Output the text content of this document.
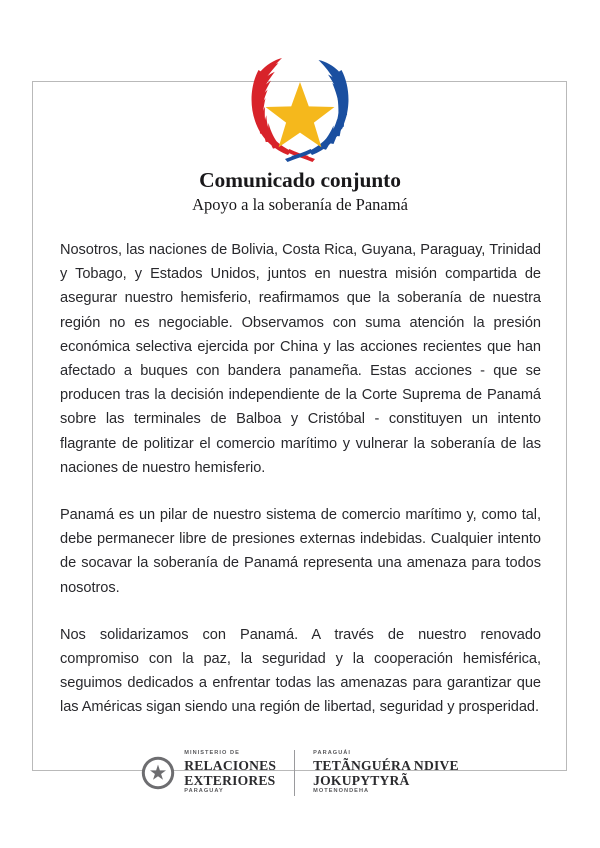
Comunicado conjunto
Apoyo a la soberanía de Panamá

Nosotros, las naciones de Bolivia, Costa Rica, Guyana, Paraguay, Trinidad y Tobago, y Estados Unidos, juntos en nuestra misión compartida de asegurar nuestro hemisferio, reafirmamos que la soberanía de nuestra región no es negociable. Observamos con suma atención la presión económica selectiva ejercida por China y las acciones recientes que han afectado a buques con bandera panameña. Estas acciones - que se producen tras la decisión independiente de la Corte Suprema de Panamá sobre las terminales de Balboa y Cristóbal - constituyen un intento flagrante de politizar el comercio marítimo y vulnerar la soberanía de las naciones de nuestro hemisferio.

Panamá es un pilar de nuestro sistema de comercio marítimo y, como tal, debe permanecer libre de presiones externas indebidas. Cualquier intento de socavar la soberanía de Panamá representa una amenaza para todos nosotros.

Nos solidarizamos con Panamá. A través de nuestro renovado compromiso con la paz, la seguridad y la cooperación hemisférica, seguimos dedicados a enfrentar todas las amenazas para garantizar que las Américas sigan siendo una región de libertad, seguridad y prosperidad.

MINISTERIO DE
RELACIONES
EXTERIORES
PARAGUAY
PARAGUÁI
TETÃNGUÉRA NDIVE
JOKUPYTYRÃ
MOTENONDEHA
